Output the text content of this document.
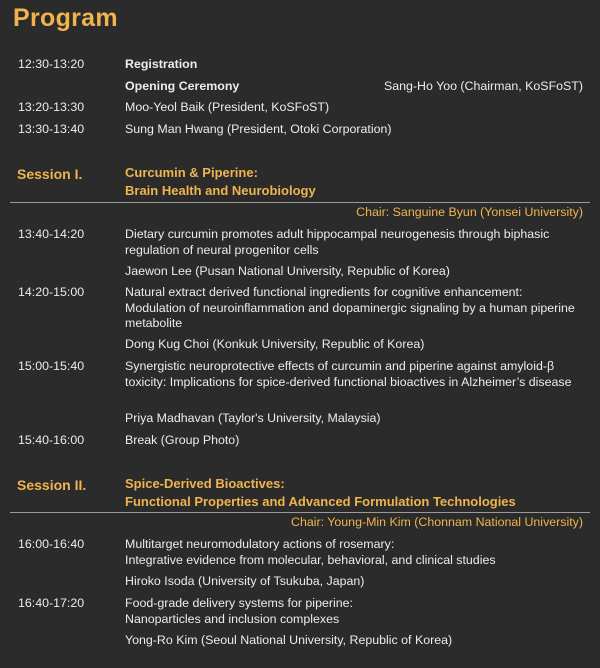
Program
12:30-13:20	Registration
Opening Ceremony	Sang-Ho Yoo (Chairman, KoSFoST)
13:20-13:30	Moo-Yeol Baik (President, KoSFoST)
13:30-13:40	Sung Man Hwang (President, Otoki Corporation)
Session I.	Curcumin & Piperine:
Brain Health and Neurobiology
Chair: Sanguine Byun (Yonsei University)
13:40-14:20	Dietary curcumin promotes adult hippocampal neurogenesis through biphasic regulation of neural progenitor cells
Jaewon Lee (Pusan National University, Republic of Korea)
14:20-15:00	Natural extract derived functional ingredients for cognitive enhancement: Modulation of neuroinflammation and dopaminergic signaling by a human piperine metabolite
Dong Kug Choi (Konkuk University, Republic of Korea)
15:00-15:40	Synergistic neuroprotective effects of curcumin and piperine against amyloid-β toxicity: Implications for spice-derived functional bioactives in Alzheimer’s disease
Priya Madhavan (Taylor's University, Malaysia)
15:40-16:00	Break (Group Photo)
Session II.	Spice-Derived Bioactives:
Functional Properties and Advanced Formulation Technologies
Chair: Young-Min Kim (Chonnam National University)
16:00-16:40	Multitarget neuromodulatory actions of rosemary:
Integrative evidence from molecular, behavioral, and clinical studies
Hiroko Isoda (University of Tsukuba, Japan)
16:40-17:20	Food-grade delivery systems for piperine:
Nanoparticles and inclusion complexes
Yong-Ro Kim (Seoul National University, Republic of Korea)
